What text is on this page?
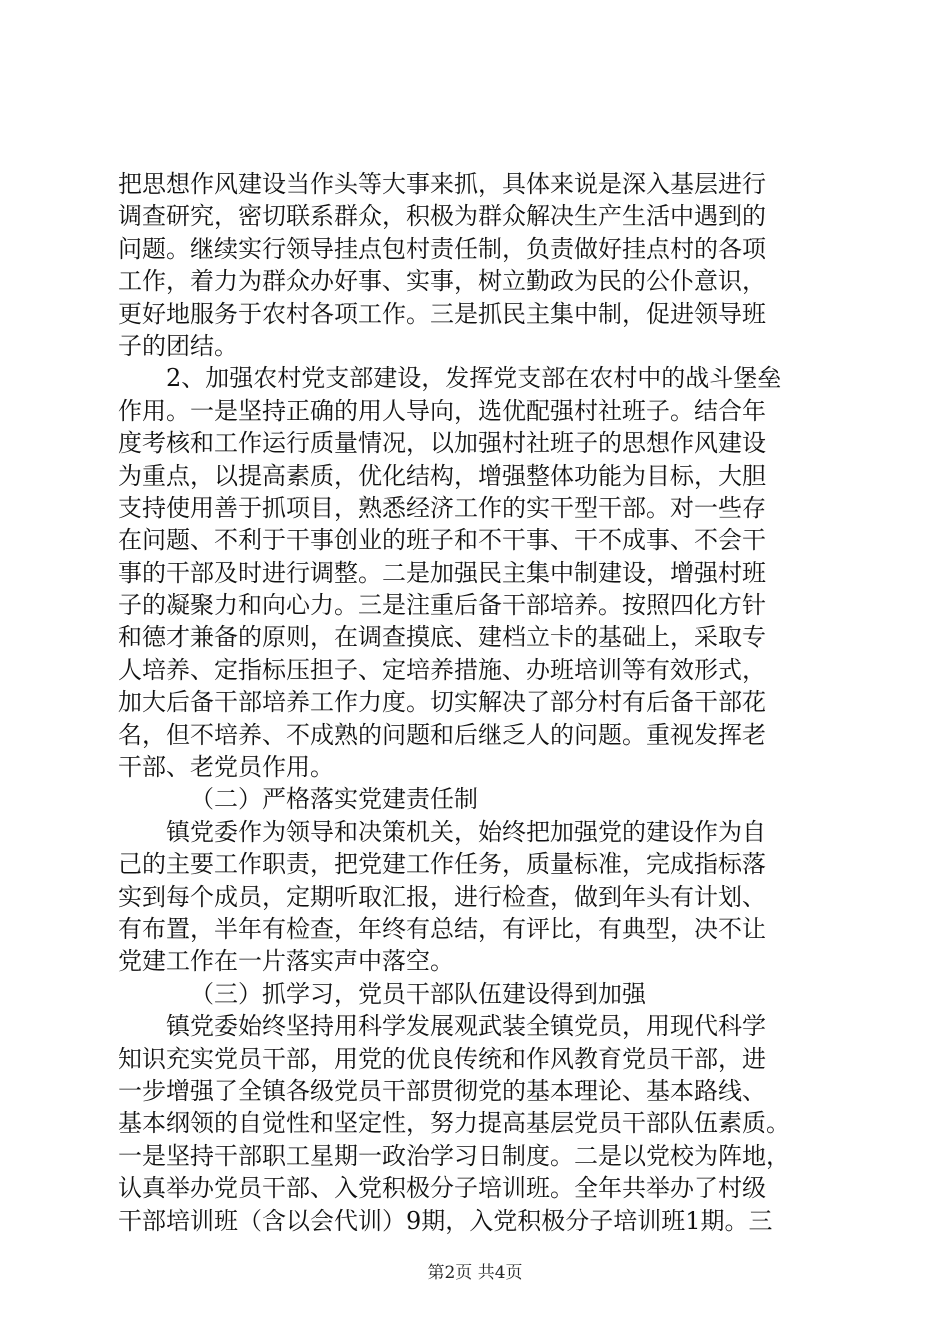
把思想作风建设当作头等大事来抓，具体来说是深入基层进行
调查研究，密切联系群众，积极为群众解决生产生活中遇到的
问题。继续实行领导挂点包村责任制，负责做好挂点村的各项
工作，着力为群众办好事、实事，树立勤政为民的公仆意识，
更好地服务于农村各项工作。三是抓民主集中制，促进领导班
子的团结。
2、加强农村党支部建设，发挥党支部在农村中的战斗堡垒
作用。一是坚持正确的用人导向，选优配强村社班子。结合年
度考核和工作运行质量情况，以加强村社班子的思想作风建设
为重点，以提高素质，优化结构，增强整体功能为目标，大胆
支持使用善于抓项目，熟悉经济工作的实干型干部。对一些存
在问题、不利于干事创业的班子和不干事、干不成事、不会干
事的干部及时进行调整。二是加强民主集中制建设，增强村班
子的凝聚力和向心力。三是注重后备干部培养。按照四化方针
和德才兼备的原则，在调查摸底、建档立卡的基础上，采取专
人培养、定指标压担子、定培养措施、办班培训等有效形式，
加大后备干部培养工作力度。切实解决了部分村有后备干部花
名，但不培养、不成熟的问题和后继乏人的问题。重视发挥老
干部、老党员作用。
（二）严格落实党建责任制
镇党委作为领导和决策机关，始终把加强党的建设作为自
己的主要工作职责，把党建工作任务，质量标准，完成指标落
实到每个成员，定期听取汇报，进行检查，做到年头有计划、
有布置，半年有检查，年终有总结，有评比，有典型，决不让
党建工作在一片落实声中落空。
（三）抓学习，党员干部队伍建设得到加强
镇党委始终坚持用科学发展观武装全镇党员，用现代科学
知识充实党员干部，用党的优良传统和作风教育党员干部，进
一步增强了全镇各级党员干部贯彻党的基本理论、基本路线、
基本纲领的自觉性和坚定性，努力提高基层党员干部队伍素质。
一是坚持干部职工星期一政治学习日制度。二是以党校为阵地，
认真举办党员干部、入党积极分子培训班。全年共举办了村级
干部培训班（含以会代训）9期，入党积极分子培训班1期。三
第2页 共4页
